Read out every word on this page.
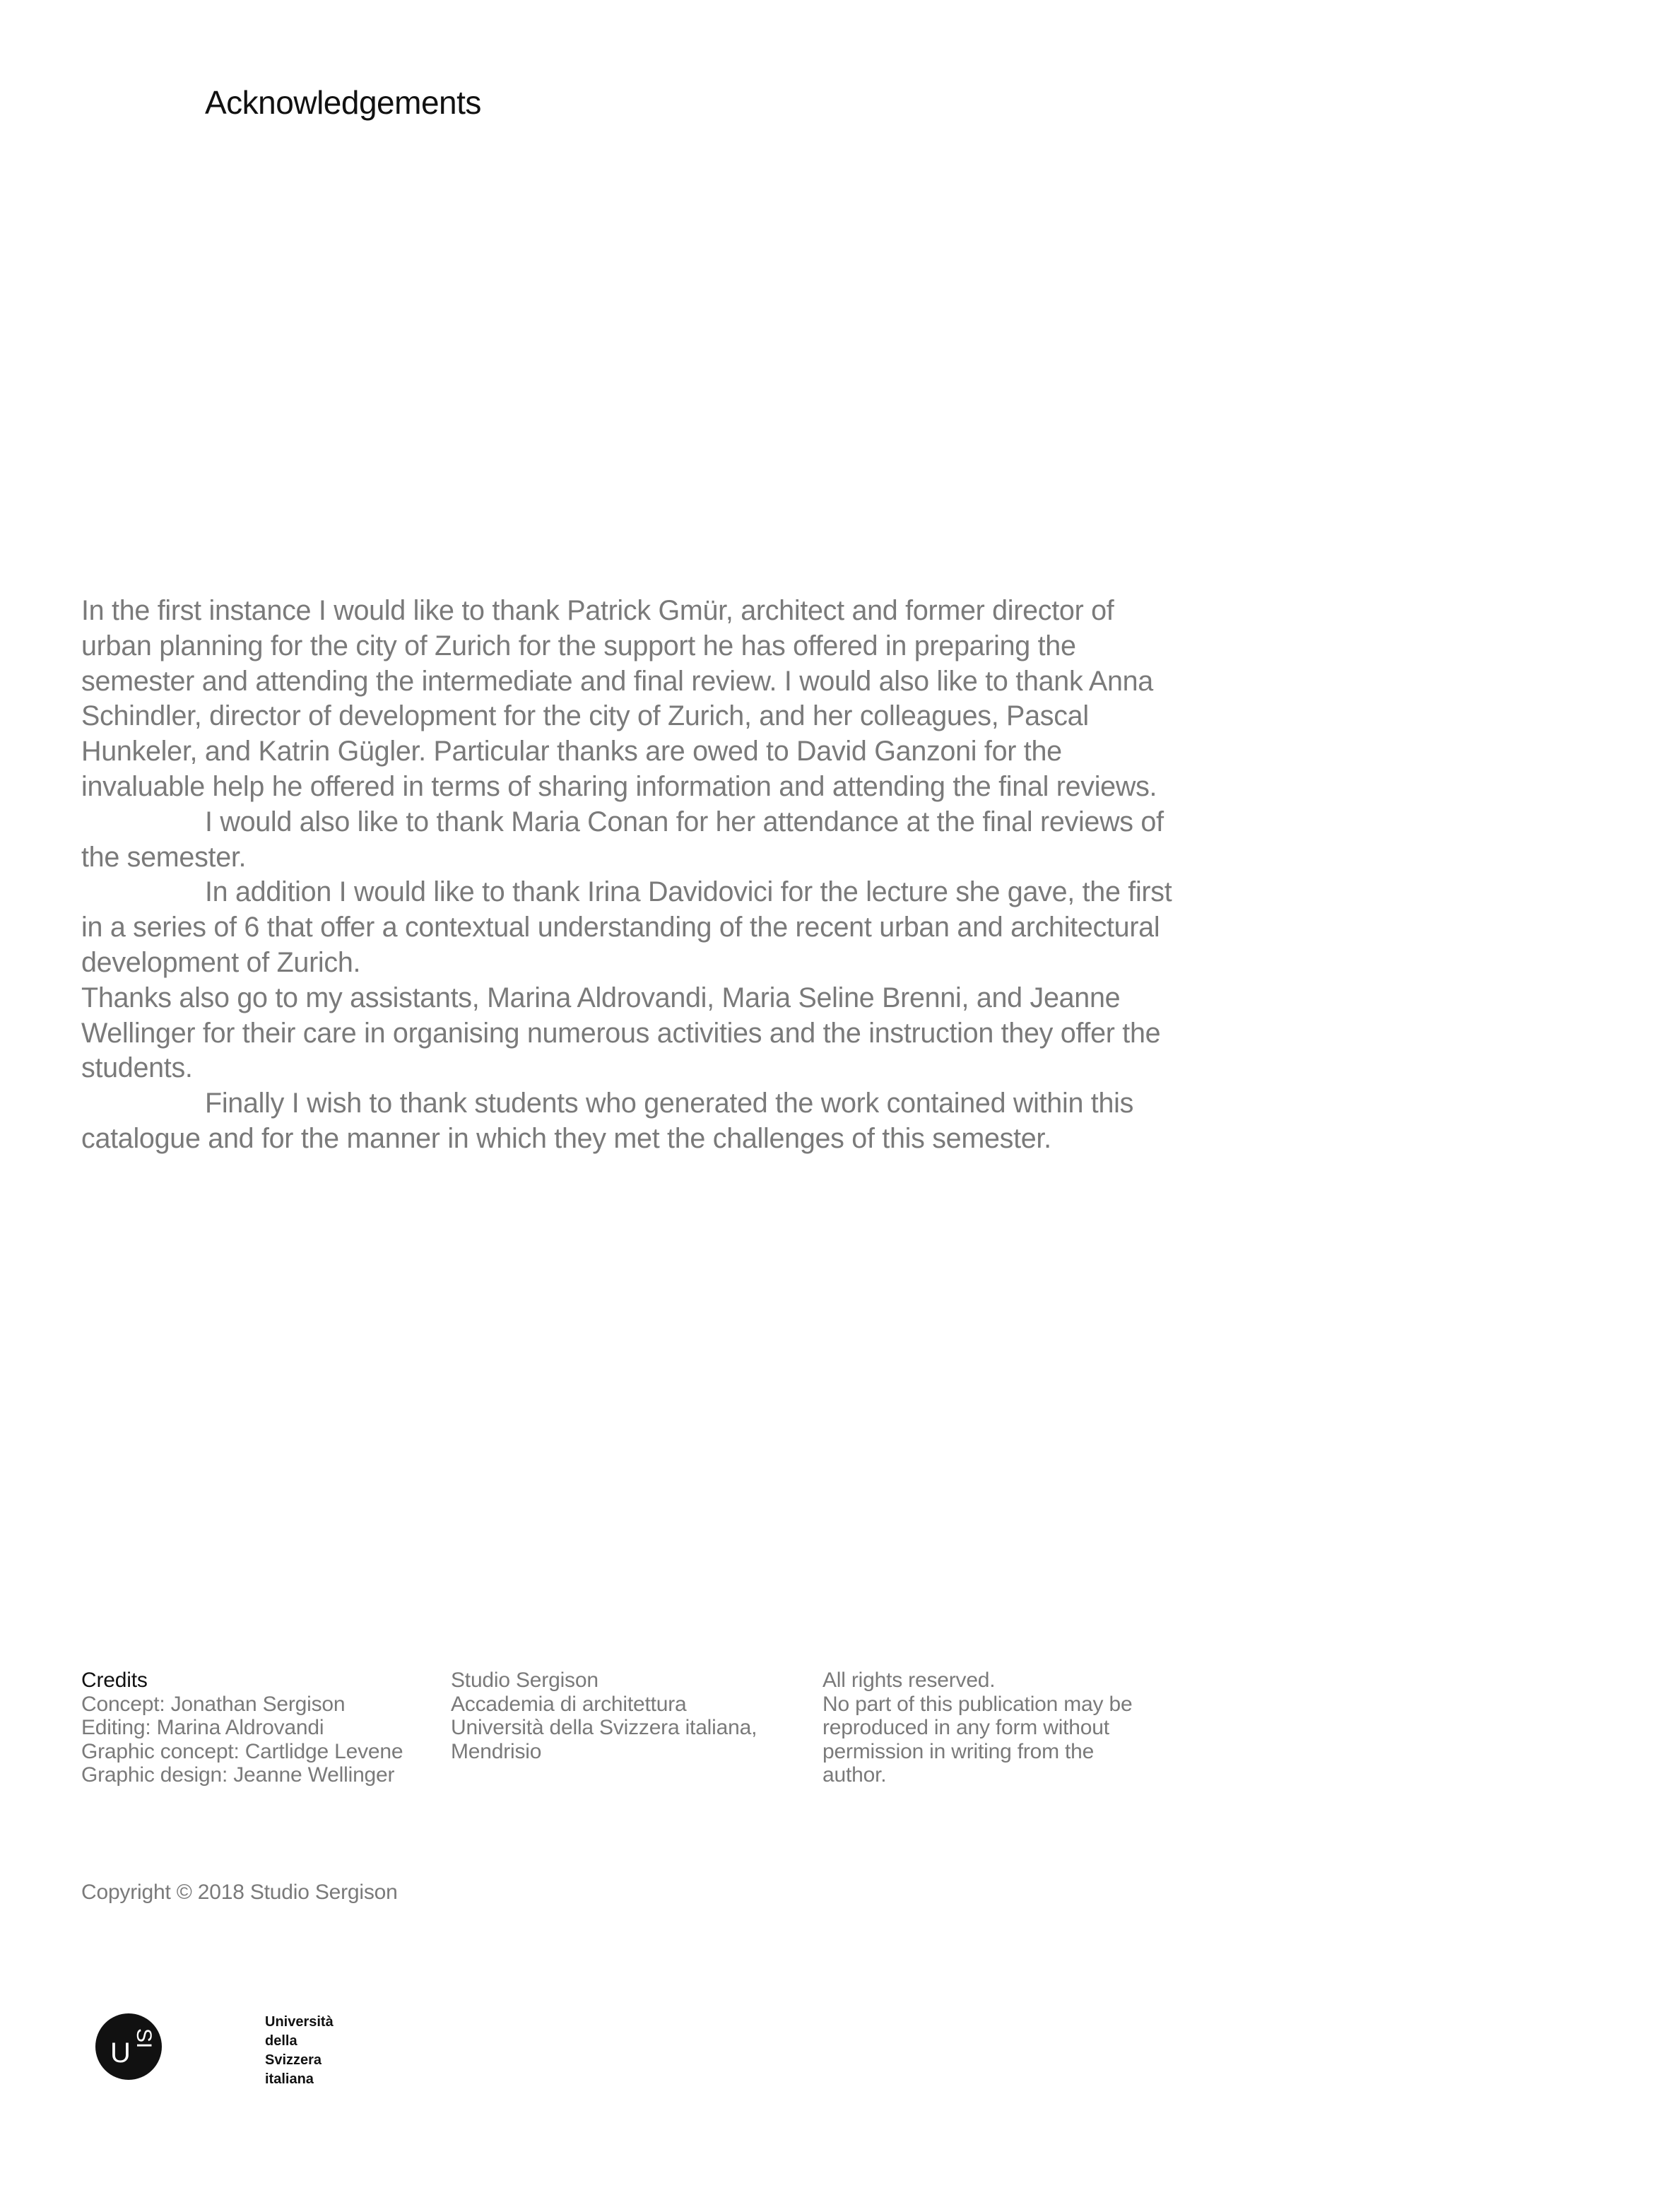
Acknowledgements

In the first instance I would like to thank Patrick Gmür, architect and former director of urban planning for the city of Zurich for the support he has offered in preparing the semester and attending the intermediate and final review. I would also like to thank Anna Schindler, director of development for the city of Zurich, and her colleagues, Pascal Hunkeler, and Katrin Gügler. Particular thanks are owed to David Ganzoni for the invaluable help he offered in terms of sharing information and attending the final reviews.

I would also like to thank Maria Conan for her attendance at the final reviews of the semester.

In addition I would like to thank Irina Davidovici for the lecture she gave, the first in a series of 6 that offer a contextual understanding of the recent urban and architectural development of Zurich.

Thanks also go to my assistants, Marina Aldrovandi, Maria Seline Brenni, and Jeanne Wellinger for their care in organising numerous activities and the instruction they offer the students.

Finally I wish to thank students who generated the work contained within this catalogue and for the manner in which they met the challenges of this semester.

Credits
Concept: Jonathan Sergison
Editing: Marina Aldrovandi
Graphic concept: Cartlidge Levene
Graphic design: Jeanne Wellinger
Studio Sergison
Accademia di architettura
Università della Svizzera italiana,
Mendrisio
All rights reserved.
No part of this publication may be
reproduced in any form without
permission in writing from the
author.
Copyright © 2018 Studio Sergison
U SI
Università
della
Svizzera
italiana
